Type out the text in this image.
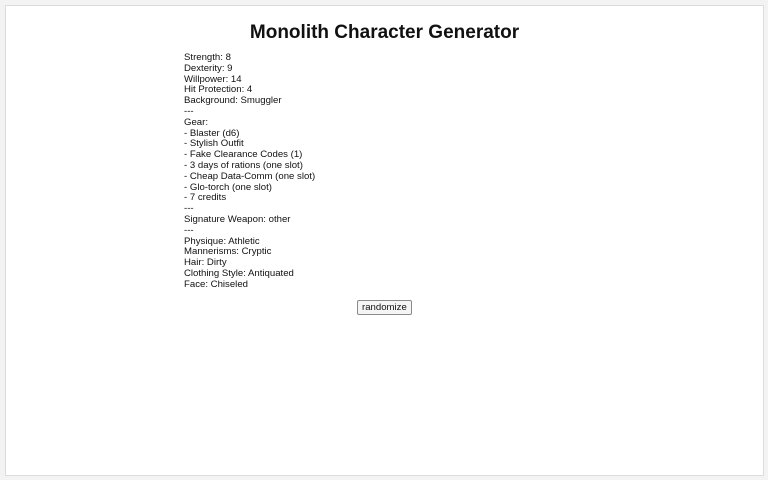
Monolith Character Generator
Strength: 8
Dexterity: 9
Willpower: 14
Hit Protection: 4
Background: Smuggler
---
Gear:
- Blaster (d6)
- Stylish Outfit
- Fake Clearance Codes (1)
- 3 days of rations (one slot)
- Cheap Data-Comm (one slot)
- Glo-torch (one slot)
- 7 credits
---
Signature Weapon: other
---
Physique: Athletic
Mannerisms: Cryptic
Hair: Dirty
Clothing Style: Antiquated
Face: Chiseled
randomize
